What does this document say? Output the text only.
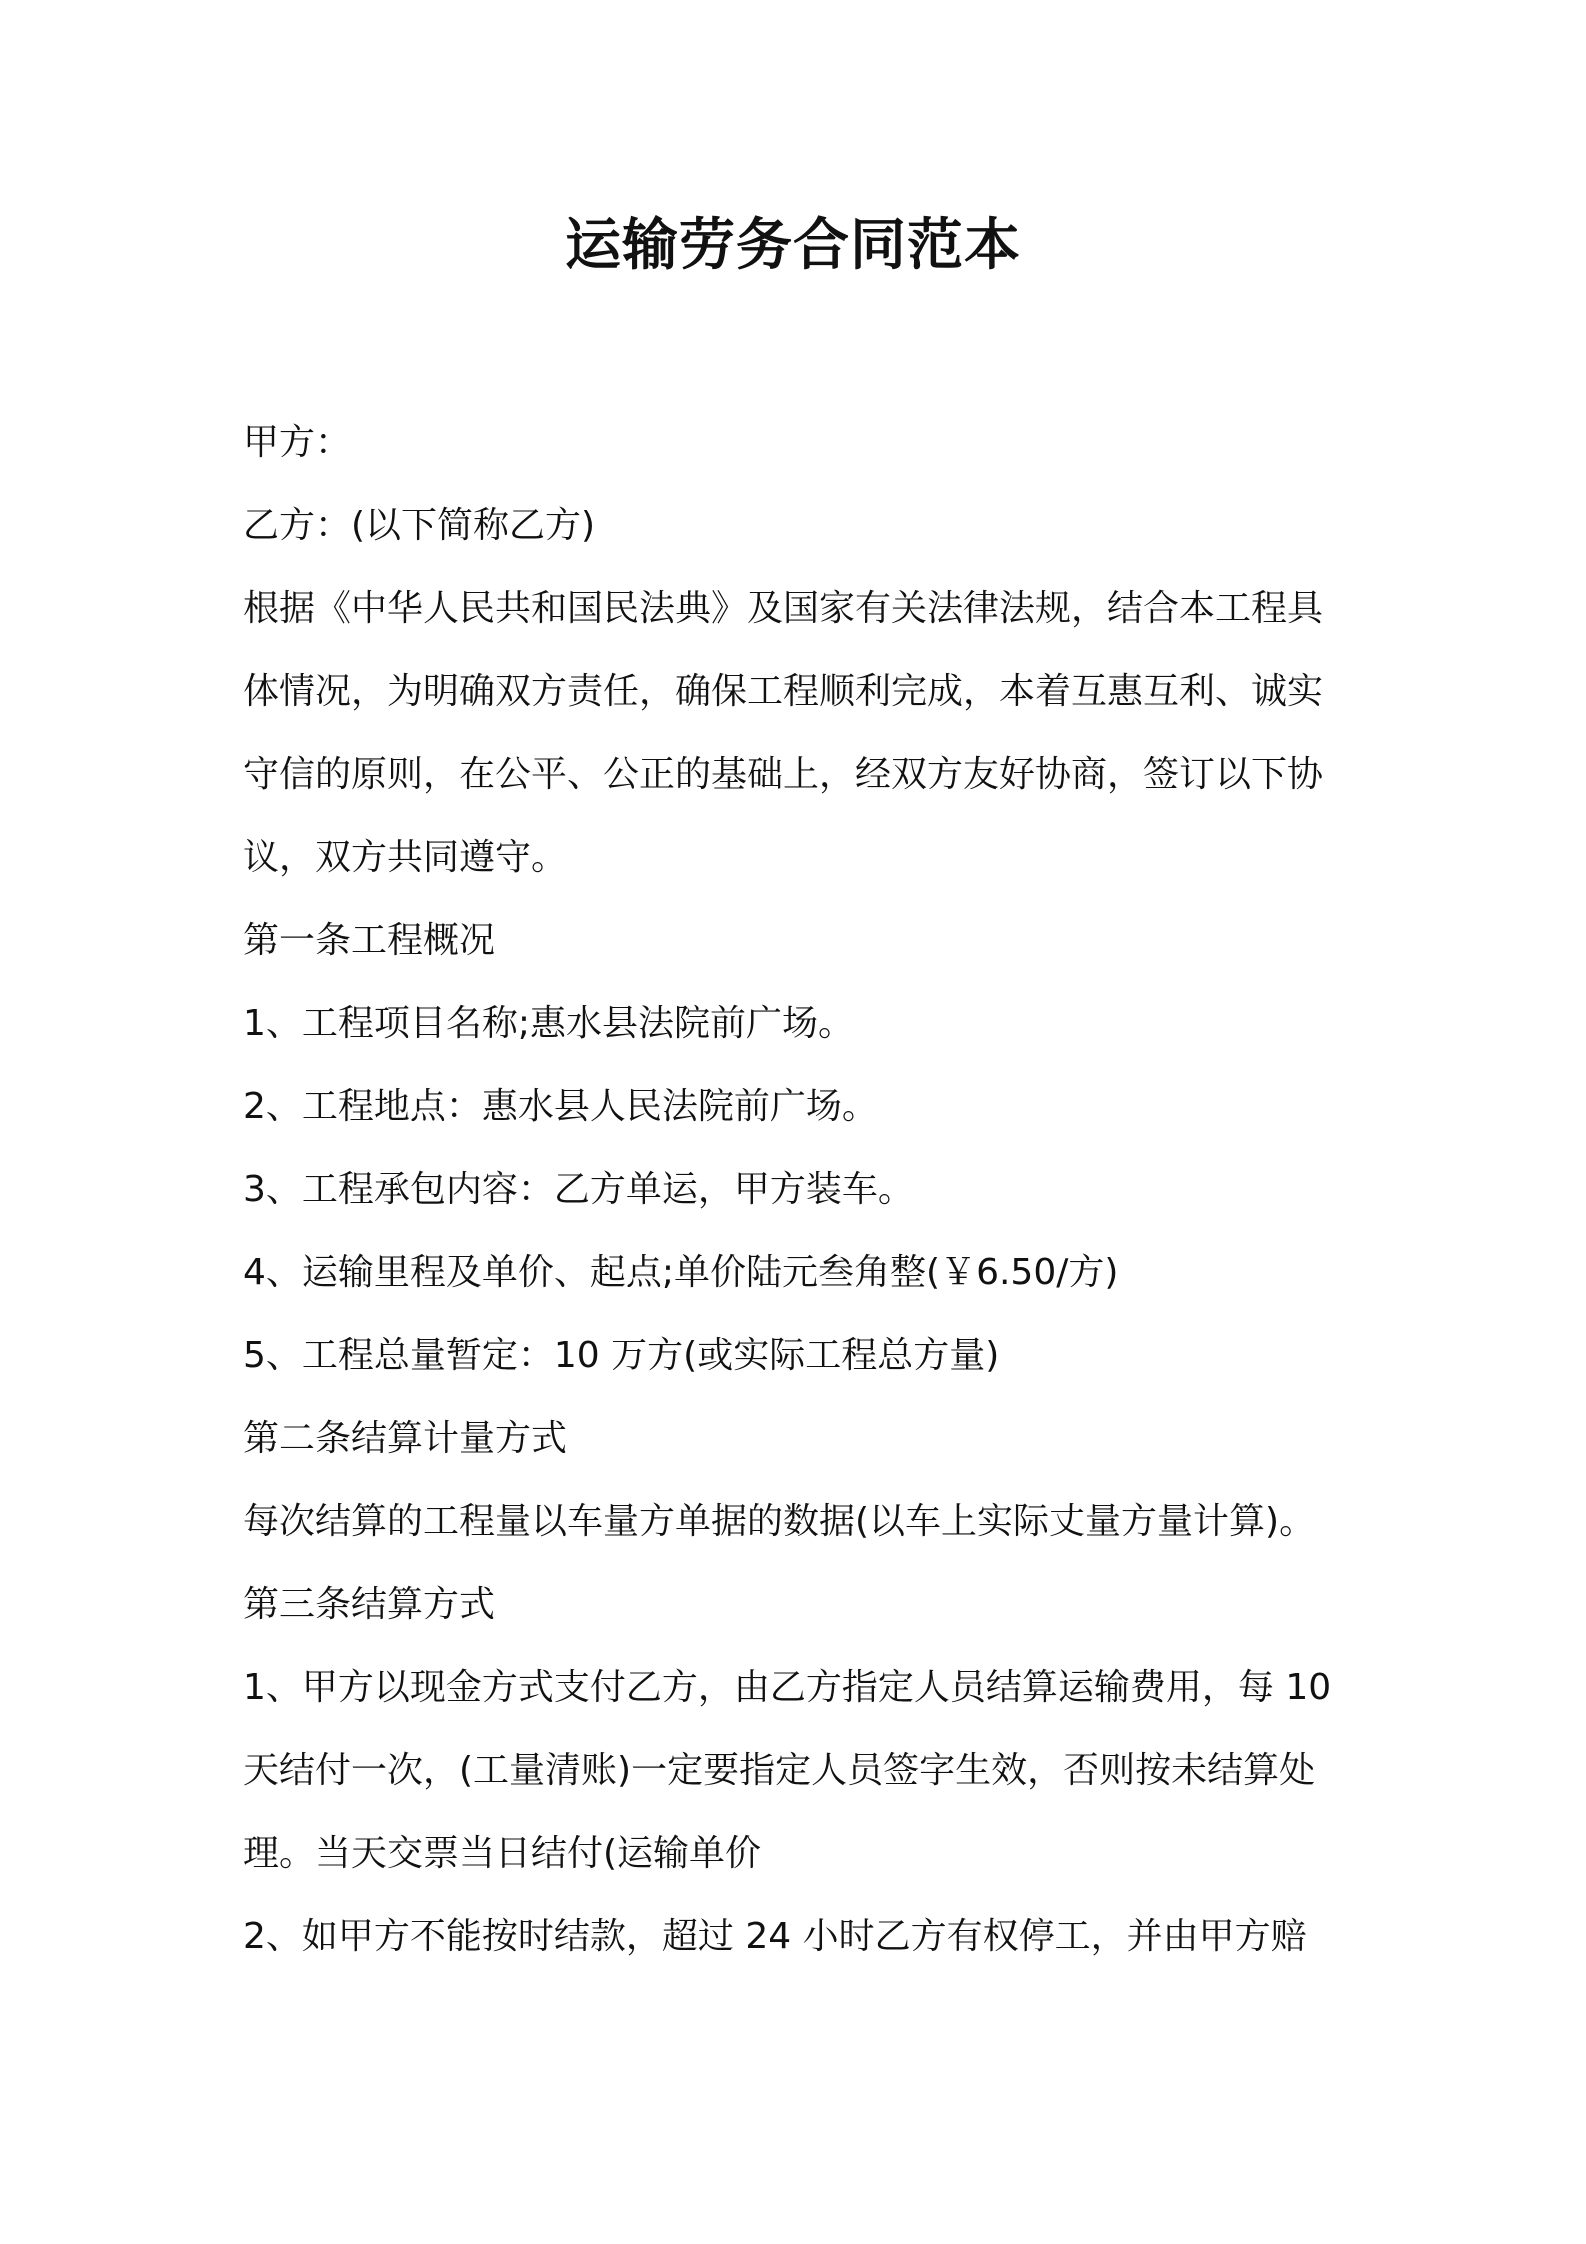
运输劳务合同范本

甲方：

乙方：(以下简称乙方)

根据《中华人民共和国民法典》及国家有关法律法规，结合本工程具

体情况，为明确双方责任，确保工程顺利完成，本着互惠互利、诚实

守信的原则，在公平、公正的基础上，经双方友好协商，签订以下协

议，双方共同遵守。

第一条工程概况

1、工程项目名称;惠水县法院前广场。

2、工程地点：惠水县人民法院前广场。

3、工程承包内容：乙方单运，甲方装车。

4、运输里程及单价、起点;单价陆元叁角整(￥6.50/方)

5、工程总量暂定：10 万方(或实际工程总方量)

第二条结算计量方式

每次结算的工程量以车量方单据的数据(以车上实际丈量方量计算)。

第三条结算方式

1、甲方以现金方式支付乙方，由乙方指定人员结算运输费用，每 10

天结付一次，(工量清账)一定要指定人员签字生效，否则按未结算处

理。当天交票当日结付(运输单价

2、如甲方不能按时结款，超过 24 小时乙方有权停工，并由甲方赔
